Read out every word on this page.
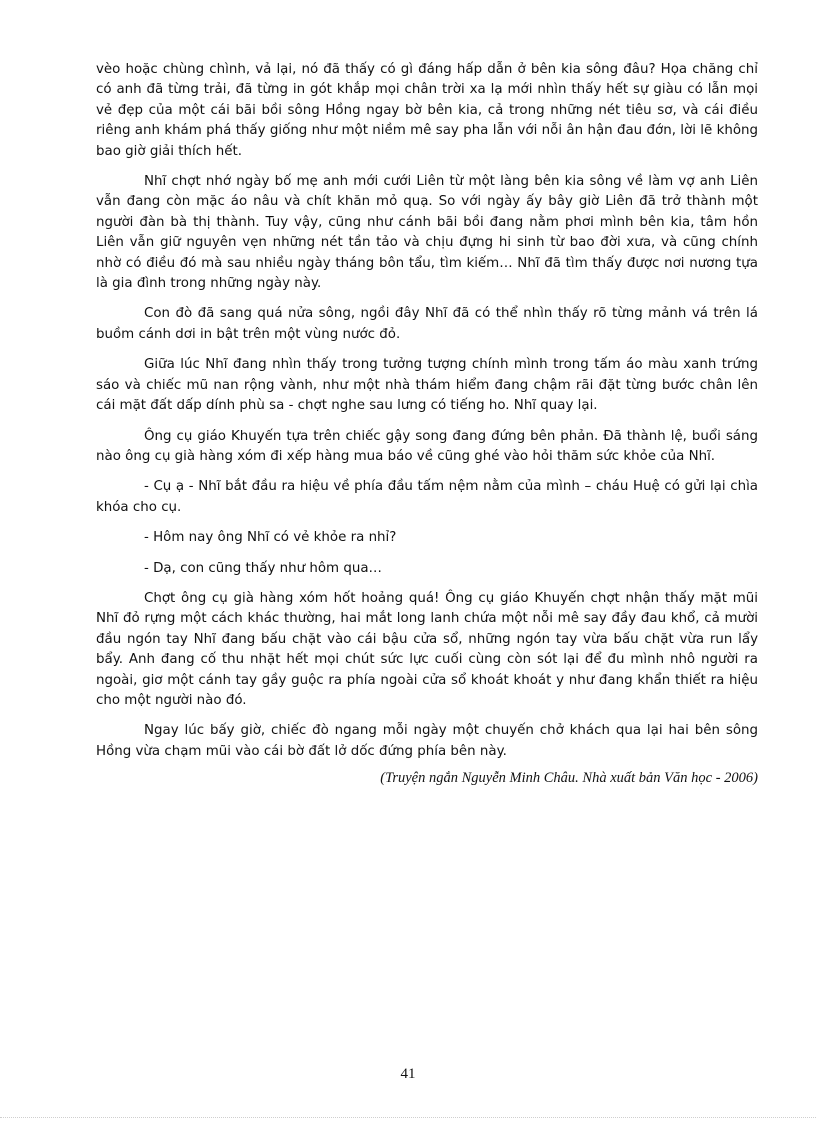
vèo hoặc chùng chình, vả lại, nó đã thấy có gì đáng hấp dẫn ở bên kia sông đâu? Họa chăng chỉ có anh đã từng trải, đã từng in gót khắp mọi chân trời xa lạ mới nhìn thấy hết sự giàu có lẫn mọi vẻ đẹp của một cái bãi bồi sông Hồng ngay bờ bên kia, cả trong những nét tiêu sơ, và cái điều riêng anh khám phá thấy giống như một niềm mê say pha lẫn với nỗi ân hận đau đớn, lời lẽ không bao giờ giải thích hết.

Nhĩ chợt nhớ ngày bố mẹ anh mới cưới Liên từ một làng bên kia sông về làm vợ anh Liên vẫn đang còn mặc áo nâu và chít khăn mỏ quạ. So với ngày ấy bây giờ Liên đã trở thành một người đàn bà thị thành. Tuy vậy, cũng như cánh bãi bồi đang nằm phơi mình bên kia, tâm hồn Liên vẫn giữ nguyên vẹn những nét tần tảo và chịu đựng hi sinh từ bao đời xưa, và cũng chính nhờ có điều đó mà sau nhiều ngày tháng bôn tẩu, tìm kiếm… Nhĩ đã tìm thấy được nơi nương tựa là gia đình trong những ngày này.

Con đò đã sang quá nửa sông, ngồi đây Nhĩ đã có thể nhìn thấy rõ từng mảnh vá trên lá buồm cánh dơi in bật trên một vùng nước đỏ.

Giữa lúc Nhĩ đang nhìn thấy trong tưởng tượng chính mình trong tấm áo màu xanh trứng sáo và chiếc mũ nan rộng vành, như một nhà thám hiểm đang chậm rãi đặt từng bước chân lên cái mặt đất dấp dính phù sa - chợt nghe sau lưng có tiếng ho. Nhĩ quay lại.

Ông cụ giáo Khuyến tựa trên chiếc gậy song đang đứng bên phản. Đã thành lệ, buổi sáng nào ông cụ già hàng xóm đi xếp hàng mua báo về cũng ghé vào hỏi thăm sức khỏe của Nhĩ.

- Cụ ạ - Nhĩ bắt đầu ra hiệu về phía đầu tấm nệm nằm của mình – cháu Huệ có gửi lại chìa khóa cho cụ.

- Hôm nay ông Nhĩ có vẻ khỏe ra nhỉ?

- Dạ, con cũng thấy như hôm qua…

Chợt ông cụ già hàng xóm hốt hoảng quá! Ông cụ giáo Khuyến chợt nhận thấy mặt mũi Nhĩ đỏ rựng một cách khác thường, hai mắt long lanh chứa một nỗi mê say đầy đau khổ, cả mười đầu ngón tay Nhĩ đang bấu chặt vào cái bậu cửa sổ, những ngón tay vừa bấu chặt vừa run lẩy bẩy. Anh đang cố thu nhặt hết mọi chút sức lực cuối cùng còn sót lại để đu mình nhô người ra ngoài, giơ một cánh tay gầy guộc ra phía ngoài cửa sổ khoát khoát y như đang khẩn thiết ra hiệu cho một người nào đó.

Ngay lúc bấy giờ, chiếc đò ngang mỗi ngày một chuyến chở khách qua lại hai bên sông Hồng vừa chạm mũi vào cái bờ đất lở dốc đứng phía bên này.

(Truyện ngắn Nguyễn Minh Châu. Nhà xuất bản Văn học - 2006)

41
